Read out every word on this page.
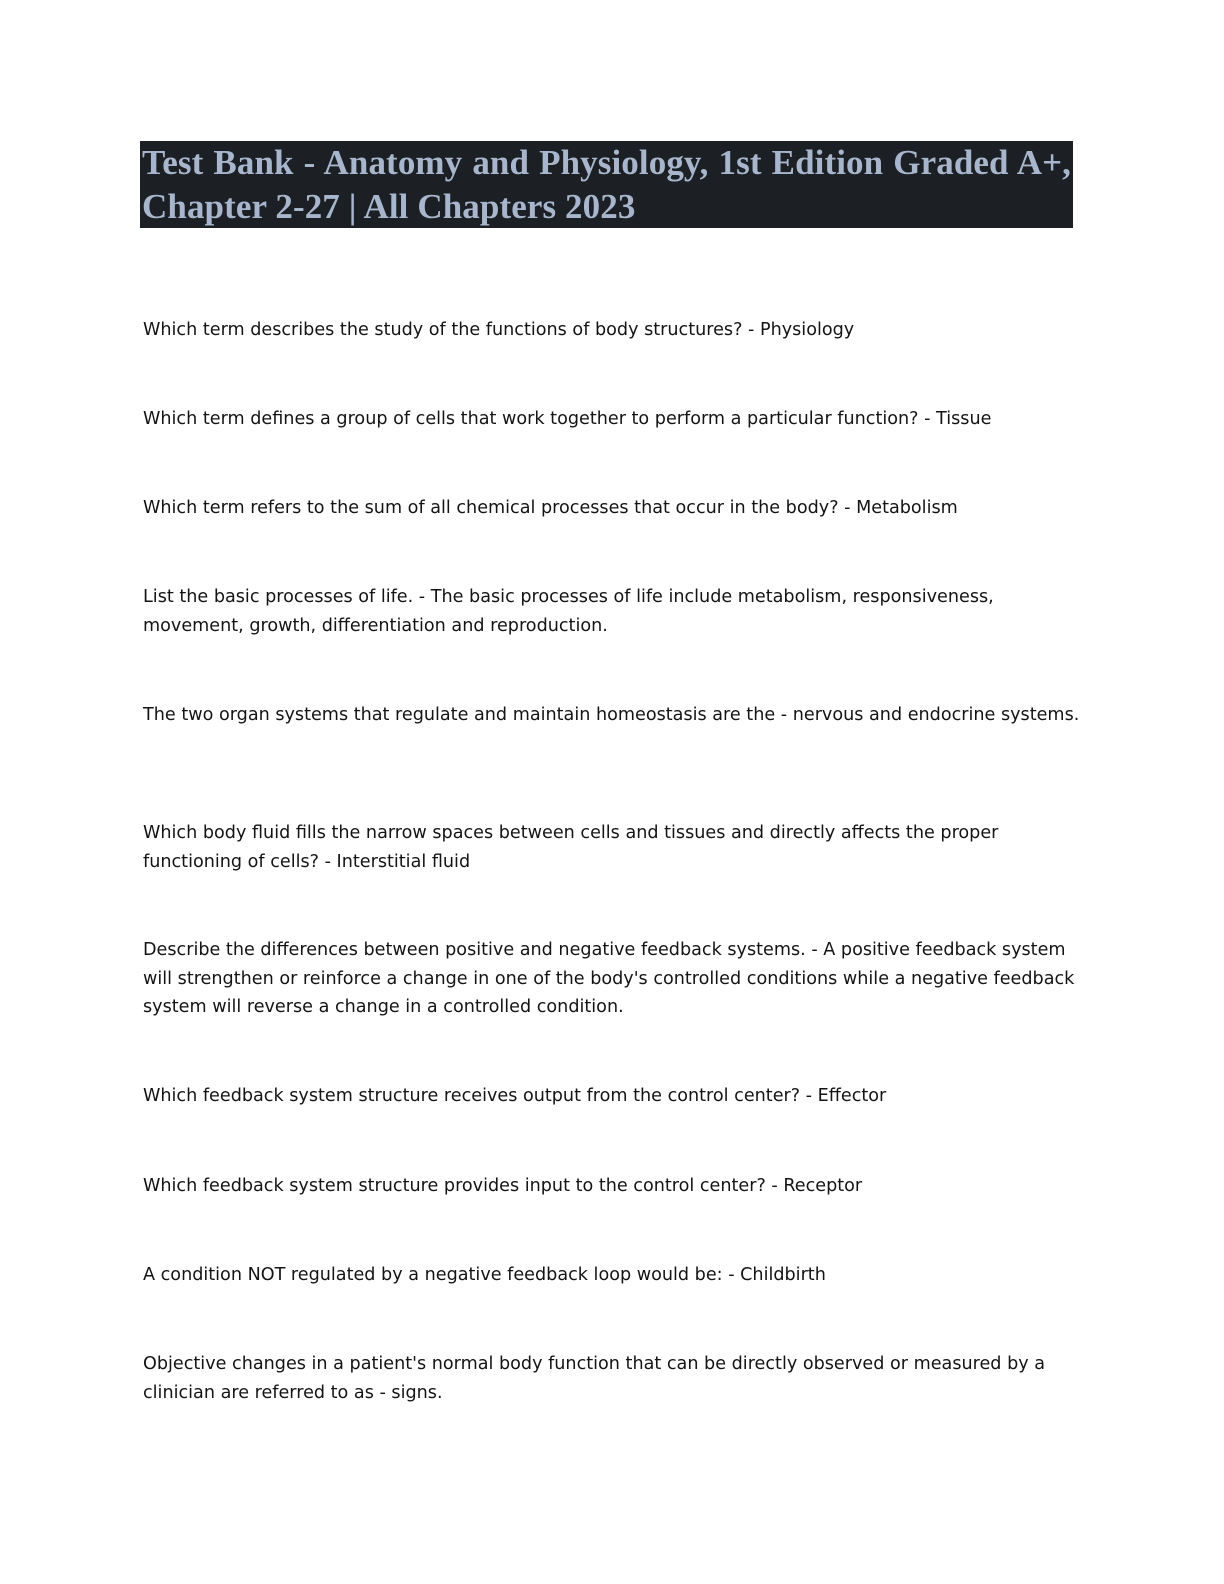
Test Bank - Anatomy and Physiology, 1st Edition Graded A+, Chapter 2-27 | All Chapters 2023

Which term describes the study of the functions of body structures? - Physiology

Which term defines a group of cells that work together to perform a particular function? - Tissue

Which term refers to the sum of all chemical processes that occur in the body? - Metabolism

List the basic processes of life. - The basic processes of life include metabolism, responsiveness, movement, growth, differentiation and reproduction.

The two organ systems that regulate and maintain homeostasis are the - nervous and endocrine systems.

Which body fluid fills the narrow spaces between cells and tissues and directly affects the proper functioning of cells? - Interstitial fluid

Describe the differences between positive and negative feedback systems. - A positive feedback system will strengthen or reinforce a change in one of the body's controlled conditions while a negative feedback system will reverse a change in a controlled condition.

Which feedback system structure receives output from the control center? - Effector

Which feedback system structure provides input to the control center? - Receptor

A condition NOT regulated by a negative feedback loop would be: - Childbirth

Objective changes in a patient's normal body function that can be directly observed or measured by a clinician are referred to as - signs.
